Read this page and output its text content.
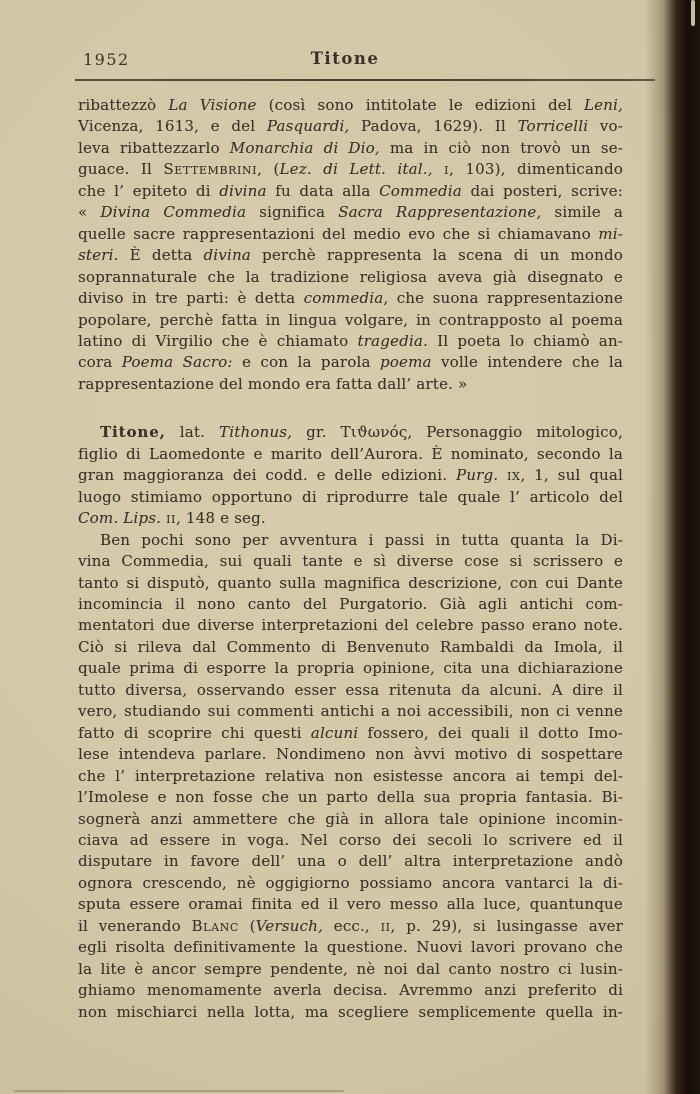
1952	Titone
ribattezzò La Visione (così sono intitolate le edizioni del Leni,
Vicenza, 1613, e del Pasquardi, Padova, 1629). Il Torricelli vo-
leva ribattezzarlo Monarchia di Dio, ma in ciò non trovò un se-
guace. Il Settembrini, (Lez. di Lett. ital., i, 103), dimenticando
che l’ epiteto di divina fu data alla Commedia dai posteri, scrive:
« Divina Commedia significa Sacra Rappresentazione, simile a
quelle sacre rappresentazioni del medio evo che si chiamavano mi-
steri. È detta divina perchè rappresenta la scena di un mondo
soprannaturale che la tradizione religiosa aveva già disegnato e
diviso in tre parti: è detta commedia, che suona rappresentazione
popolare, perchè fatta in lingua volgare, in contrapposto al poema
latino di Virgilio che è chiamato tragedia. Il poeta lo chiamò an-
cora Poema Sacro: e con la parola poema volle intendere che la
rappresentazione del mondo era fatta dall’ arte. »
Titone, lat. Tithonus, gr. Τιϑωνός, Personaggio mitologico,
figlio di Laomedonte e marito dell’Aurora. È nominato, secondo la
gran maggioranza dei codd. e delle edizioni. Purg. ix, 1, sul qual
luogo stimiamo opportuno di riprodurre tale quale l’ articolo del
Com. Lips. ii, 148 e seg.
Ben pochi sono per avventura i passi in tutta quanta la Di-
vina Commedia, sui quali tante e sì diverse cose si scrissero e
tanto si disputò, quanto sulla magnifica descrizione, con cui Dante
incomincia il nono canto del Purgatorio. Già agli antichi com-
mentatori due diverse interpretazioni del celebre passo erano note.
Ciò si rileva dal Commento di Benvenuto Rambaldi da Imola, il
quale prima di esporre la propria opinione, cita una dichiarazione
tutto diversa, osservando esser essa ritenuta da alcuni. A dire il
vero, studiando sui commenti antichi a noi accessibili, non ci venne
fatto di scoprire chi questi alcuni fossero, dei quali il dotto Imo-
lese intendeva parlare. Nondimeno non àvvi motivo di sospettare
che l’ interpretazione relativa non esistesse ancora ai tempi del-
l’Imolese e non fosse che un parto della sua propria fantasia. Bi-
sognerà anzi ammettere che già in allora tale opinione incomin-
ciava ad essere in voga. Nel corso dei secoli lo scrivere ed il
disputare in favore dell’ una o dell’ altra interpretazione andò
ognora crescendo, nè oggigiorno possiamo ancora vantarci la di-
sputa essere oramai finita ed il vero messo alla luce, quantunque
il venerando Blanc (Versuch, ecc., ii, p. 29), si lusingasse aver
egli risolta definitivamente la questione. Nuovi lavori provano che
la lite è ancor sempre pendente, nè noi dal canto nostro ci lusin-
ghiamo menomamente averla decisa. Avremmo anzi preferito di
non mischiarci nella lotta, ma scegliere semplicemente quella in-
